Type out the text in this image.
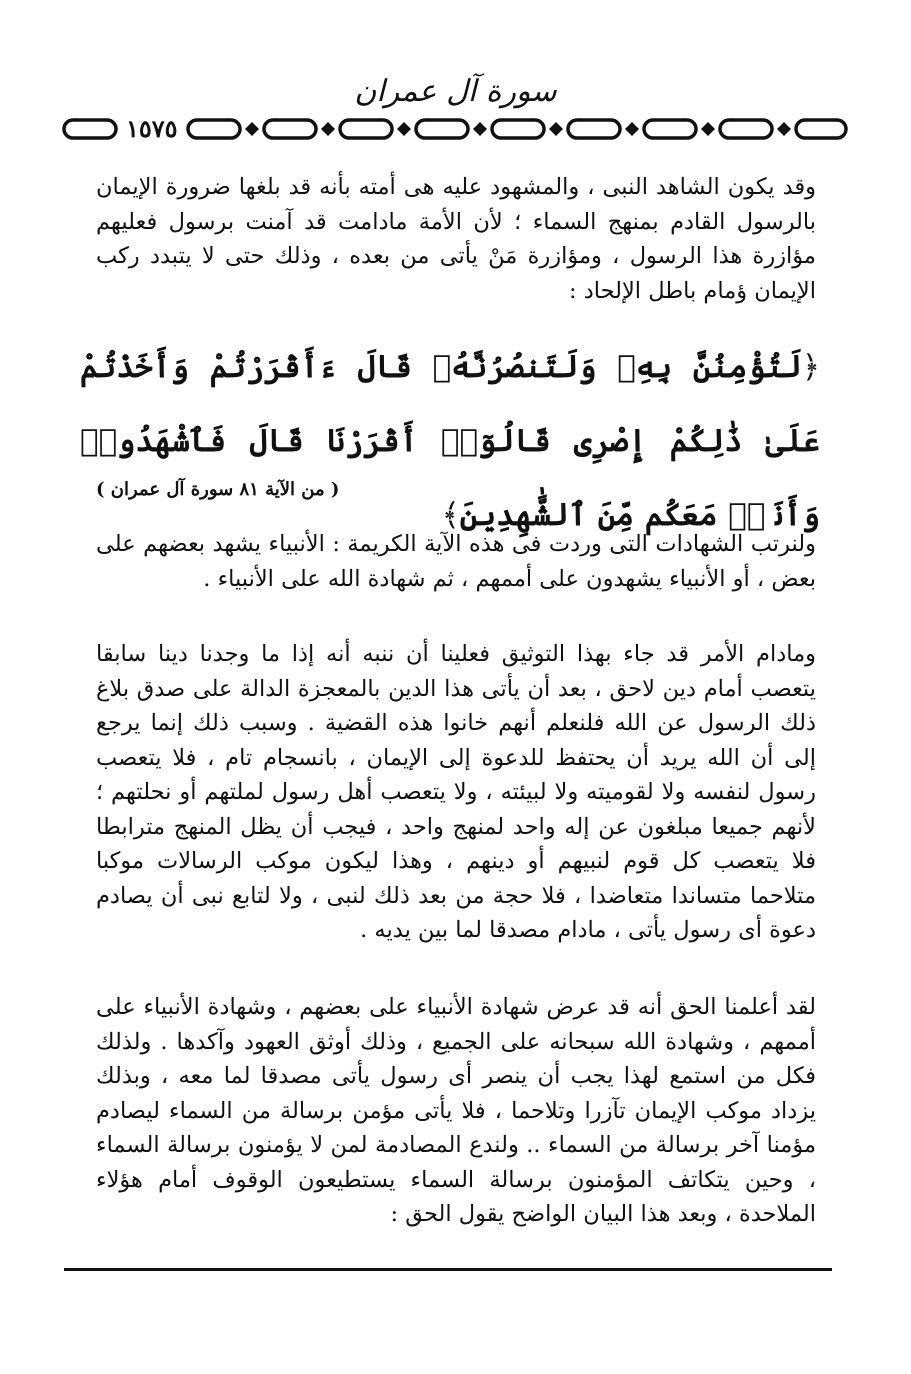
سورة آل عمران
١٥٧٥

وقد يكون الشاهد النبى ، والمشهود عليه هى أمته بأنه قد بلغها ضرورة الإيمان بالرسول القادم بمنهج السماء ؛ لأن الأمة مادامت قد آمنت برسول فعليهم مؤازرة هذا الرسول ، ومؤازرة مَنْ يأتى من بعده ، وذلك حتى لا يتبدد ركب الإيمان ؤمام باطل الإلحاد :

﴿لَتُؤْمِنُنَّ بِهِۦ وَلَتَنصُرُنَّهُۥ قَالَ ءَأَقْرَرْتُمْ وَأَخَذْتُمْ عَلَىٰ ذَٰلِكُمْ إِصْرِى قَالُوٓا۟ أَقْرَرْنَا قَالَ فَٱشْهَدُوا۟ وَأَنَا۠ مَعَكُم مِّنَ ٱلشَّٰهِدِينَ﴾

( من الآية ٨١ سورة آل عمران )

ولنرتب الشهادات التى وردت فى هذه الآية الكريمة : الأنبياء يشهد بعضهم على بعض ، أو الأنبياء يشهدون على أممهم ، ثم شهادة الله على الأنبياء .

ومادام الأمر قد جاء بهذا التوثيق فعلينا أن ننبه أنه إذا ما وجدنا دينا سابقا يتعصب أمام دين لاحق ، بعد أن يأتى هذا الدين بالمعجزة الدالة على صدق بلاغ ذلك الرسول عن الله فلنعلم أنهم خانوا هذه القضية . وسبب ذلك إنما يرجع إلى أن الله يريد أن يحتفظ للدعوة إلى الإيمان ، بانسجام تام ، فلا يتعصب رسول لنفسه ولا لقوميته ولا لبيئته ، ولا يتعصب أهل رسول لملتهم أو نحلتهم ؛ لأنهم جميعا مبلغون عن إله واحد لمنهج واحد ، فيجب أن يظل المنهج مترابطا فلا يتعصب كل قوم لنبيهم أو دينهم ، وهذا ليكون موكب الرسالات موكبا متلاحما متساندا متعاضدا ، فلا حجة من بعد ذلك لنبى ، ولا لتابع نبى أن يصادم دعوة أى رسول يأتى ، مادام مصدقا لما بين يديه .

لقد أعلمنا الحق أنه قد عرض شهادة الأنبياء على بعضهم ، وشهادة الأنبياء على أممهم ، وشهادة الله سبحانه على الجميع ، وذلك أوثق العهود وآكدها . ولذلك فكل من استمع لهذا يجب أن ينصر أى رسول يأتى مصدقا لما معه ، وبذلك يزداد موكب الإيمان تآزرا وتلاحما ، فلا يأتى مؤمن برسالة من السماء ليصادم مؤمنا آخر برسالة من السماء .. ولندع المصادمة لمن لا يؤمنون برسالة السماء ، وحين يتكاتف المؤمنون برسالة السماء يستطيعون الوقوف أمام هؤلاء الملاحدة ، وبعد هذا البيان الواضح يقول الحق :
